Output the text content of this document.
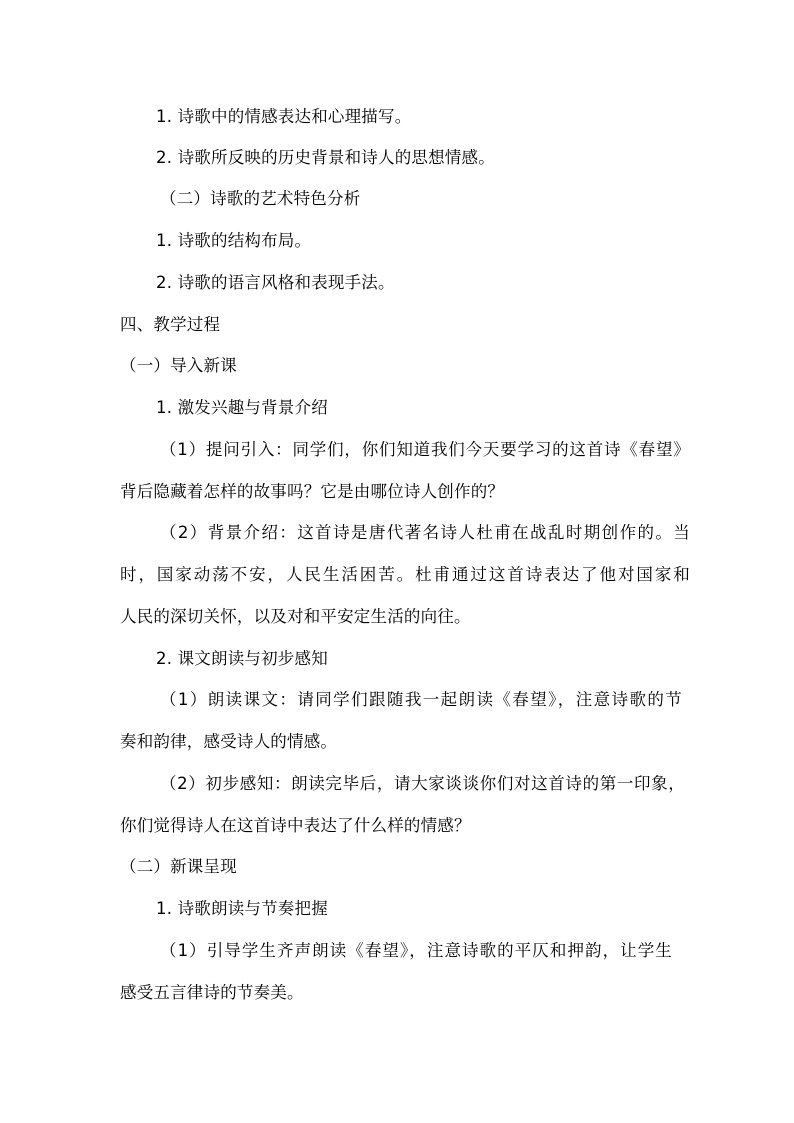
1. 诗歌中的情感表达和心理描写。
2. 诗歌所反映的历史背景和诗人的思想情感。
（二）诗歌的艺术特色分析
1. 诗歌的结构布局。
2. 诗歌的语言风格和表现手法。
四、教学过程
（一）导入新课
1. 激发兴趣与背景介绍
（1）提问引入：同学们，你们知道我们今天要学习的这首诗《春望》
背后隐藏着怎样的故事吗？它是由哪位诗人创作的？
（2）背景介绍：这首诗是唐代著名诗人杜甫在战乱时期创作的。当
时，国家动荡不安，人民生活困苦。杜甫通过这首诗表达了他对国家和
人民的深切关怀，以及对和平安定生活的向往。
2. 课文朗读与初步感知
（1）朗读课文：请同学们跟随我一起朗读《春望》，注意诗歌的节
奏和韵律，感受诗人的情感。
（2）初步感知：朗读完毕后，请大家谈谈你们对这首诗的第一印象，
你们觉得诗人在这首诗中表达了什么样的情感？
（二）新课呈现
1. 诗歌朗读与节奏把握
（1）引导学生齐声朗读《春望》，注意诗歌的平仄和押韵，让学生
感受五言律诗的节奏美。
